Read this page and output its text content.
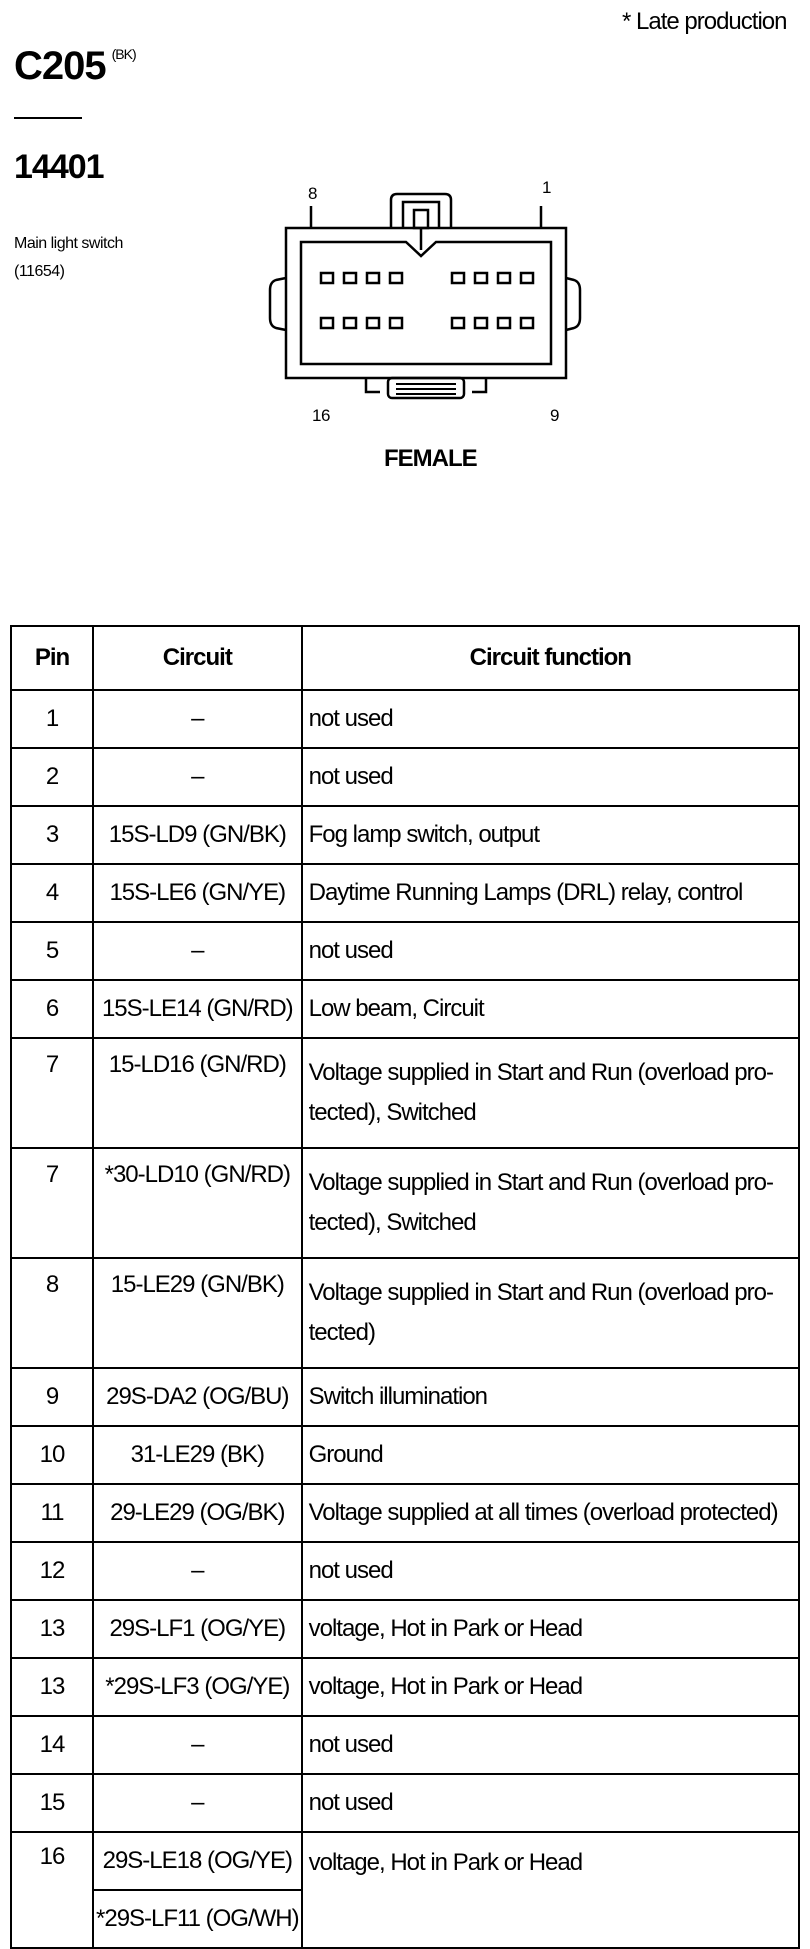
* Late production
C205 $^{(BK)}$
14401
Main light switch
(11654)
8	1
16	9
FEMALE
Pin	Circuit	Circuit function
1	–	not used
2	–	not used
3	15S-LD9 (GN/BK)	Fog lamp switch, output
4	15S-LE6 (GN/YE)	Daytime Running Lamps (DRL) relay, control
5	–	not used
6	15S-LE14 (GN/RD)	Low beam, Circuit
7	15-LD16 (GN/RD)	Voltage supplied in Start and Run (overload pro-tected), Switched
7	*30-LD10 (GN/RD)	Voltage supplied in Start and Run (overload pro-tected), Switched
8	15-LE29 (GN/BK)	Voltage supplied in Start and Run (overload pro-tected)
9	29S-DA2 (OG/BU)	Switch illumination
10	31-LE29 (BK)	Ground
11	29-LE29 (OG/BK)	Voltage supplied at all times (overload protected)
12	–	not used
13	29S-LF1 (OG/YE)	voltage, Hot in Park or Head
13	*29S-LF3 (OG/YE)	voltage, Hot in Park or Head
14	–	not used
15	–	not used
16	29S-LE18 (OG/YE)	voltage, Hot in Park or Head
	*29S-LF11 (OG/WH)	
